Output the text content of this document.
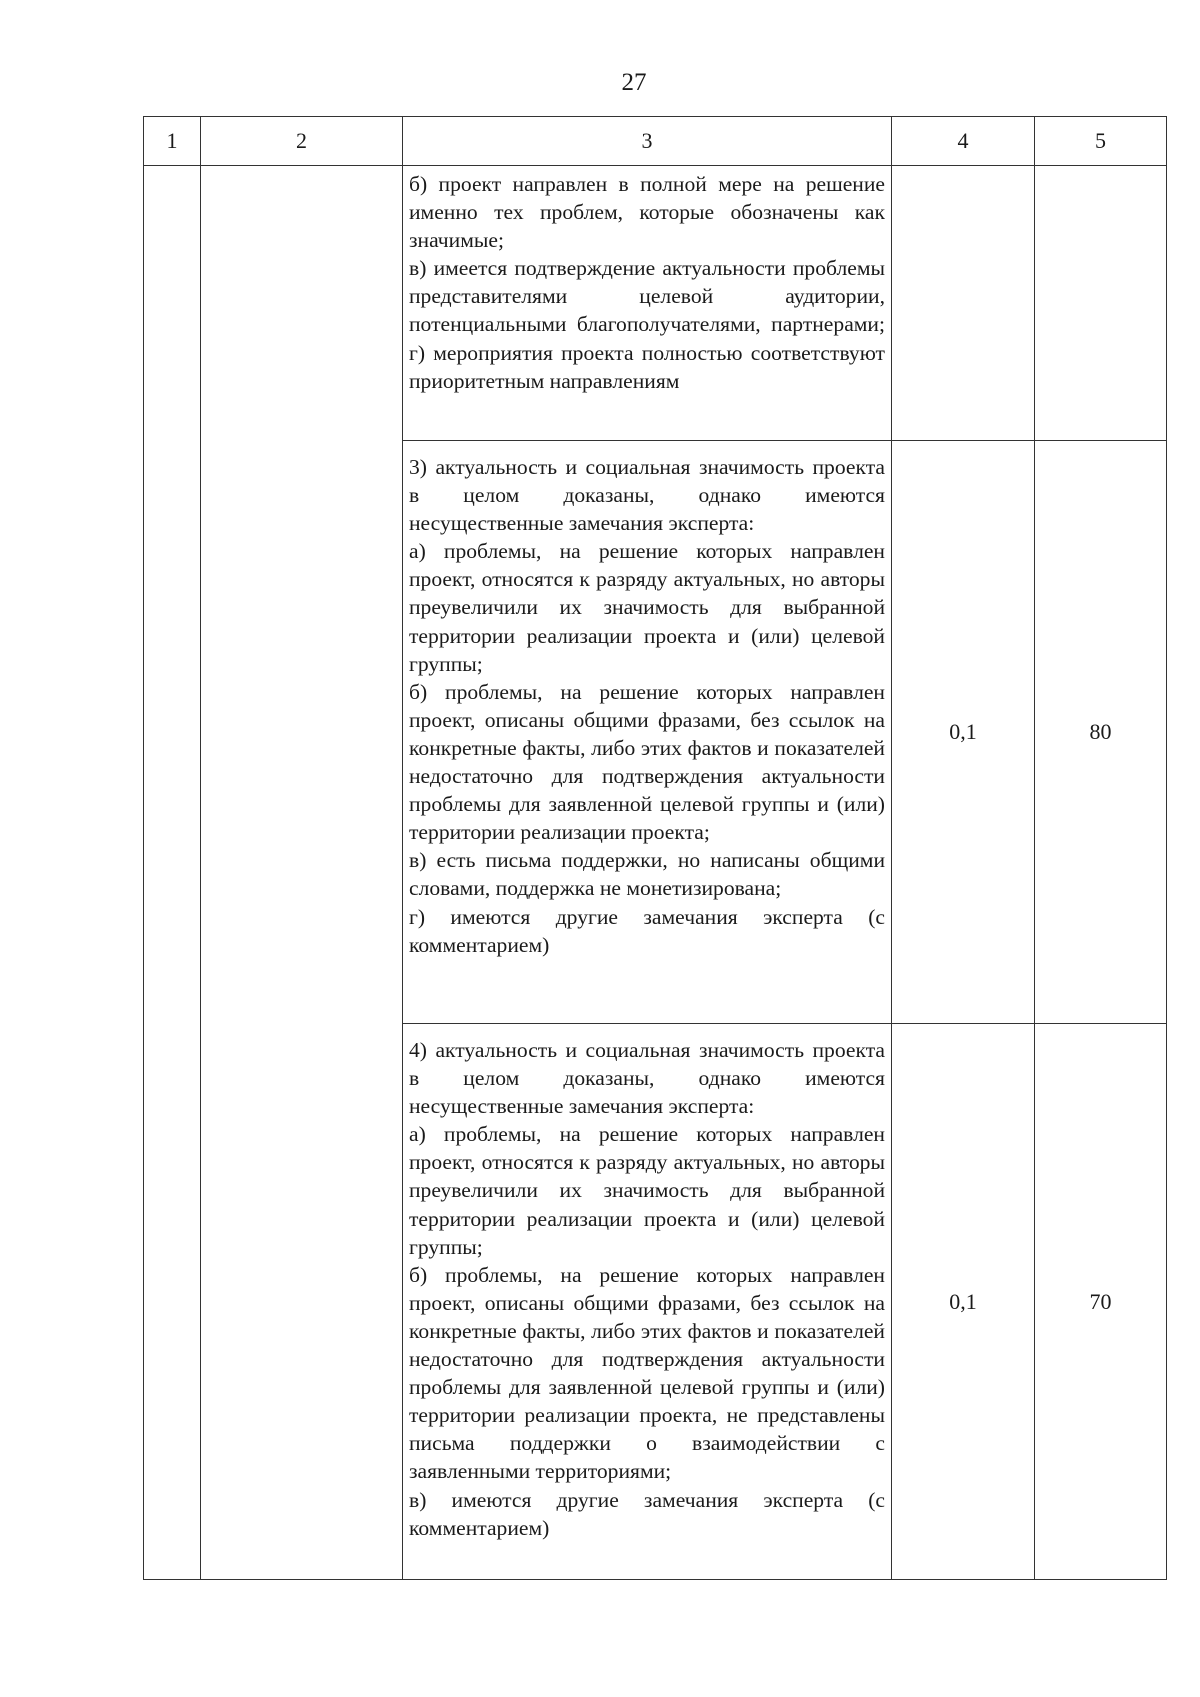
27
1	2	3	4	5

		б) проект направлен в полной мере на решение именно тех проблем, которые обозначены как значимые;

в) имеется подтверждение актуальности проблемы представителями целевой аудитории, потенциальными благополучателями, партнерами;

г) мероприятия проекта полностью соответствуют приоритетным направлениям		

		3) актуальность и социальная значимость проекта в целом доказаны, однако имеются несущественные замечания эксперта:

а) проблемы, на решение которых направлен проект, относятся к разряду актуальных, но авторы преувеличили их значимость для выбранной территории реализации проекта и (или) целевой группы;

б) проблемы, на решение которых направлен проект, описаны общими фразами, без ссылок на конкретные факты, либо этих фактов и показателей недостаточно для подтверждения актуальности проблемы для заявленной целевой группы и (или) территории реализации проекта;

в) есть письма поддержки, но написаны общими словами, поддержка не монетизирована;

г) имеются другие замечания эксперта (с комментарием)	0,1	80

		4) актуальность и социальная значимость проекта в целом доказаны, однако имеются несущественные замечания эксперта:

а) проблемы, на решение которых направлен проект, относятся к разряду актуальных, но авторы преувеличили их значимость для выбранной территории реализации проекта и (или) целевой группы;

б) проблемы, на решение которых направлен проект, описаны общими фразами, без ссылок на конкретные факты, либо этих фактов и показателей недостаточно для подтверждения актуальности проблемы для заявленной целевой группы и (или) территории реализации проекта, не представлены письма поддержки о взаимодействии с заявленными территориями;

в) имеются другие замечания эксперта (с комментарием)	0,1	70
